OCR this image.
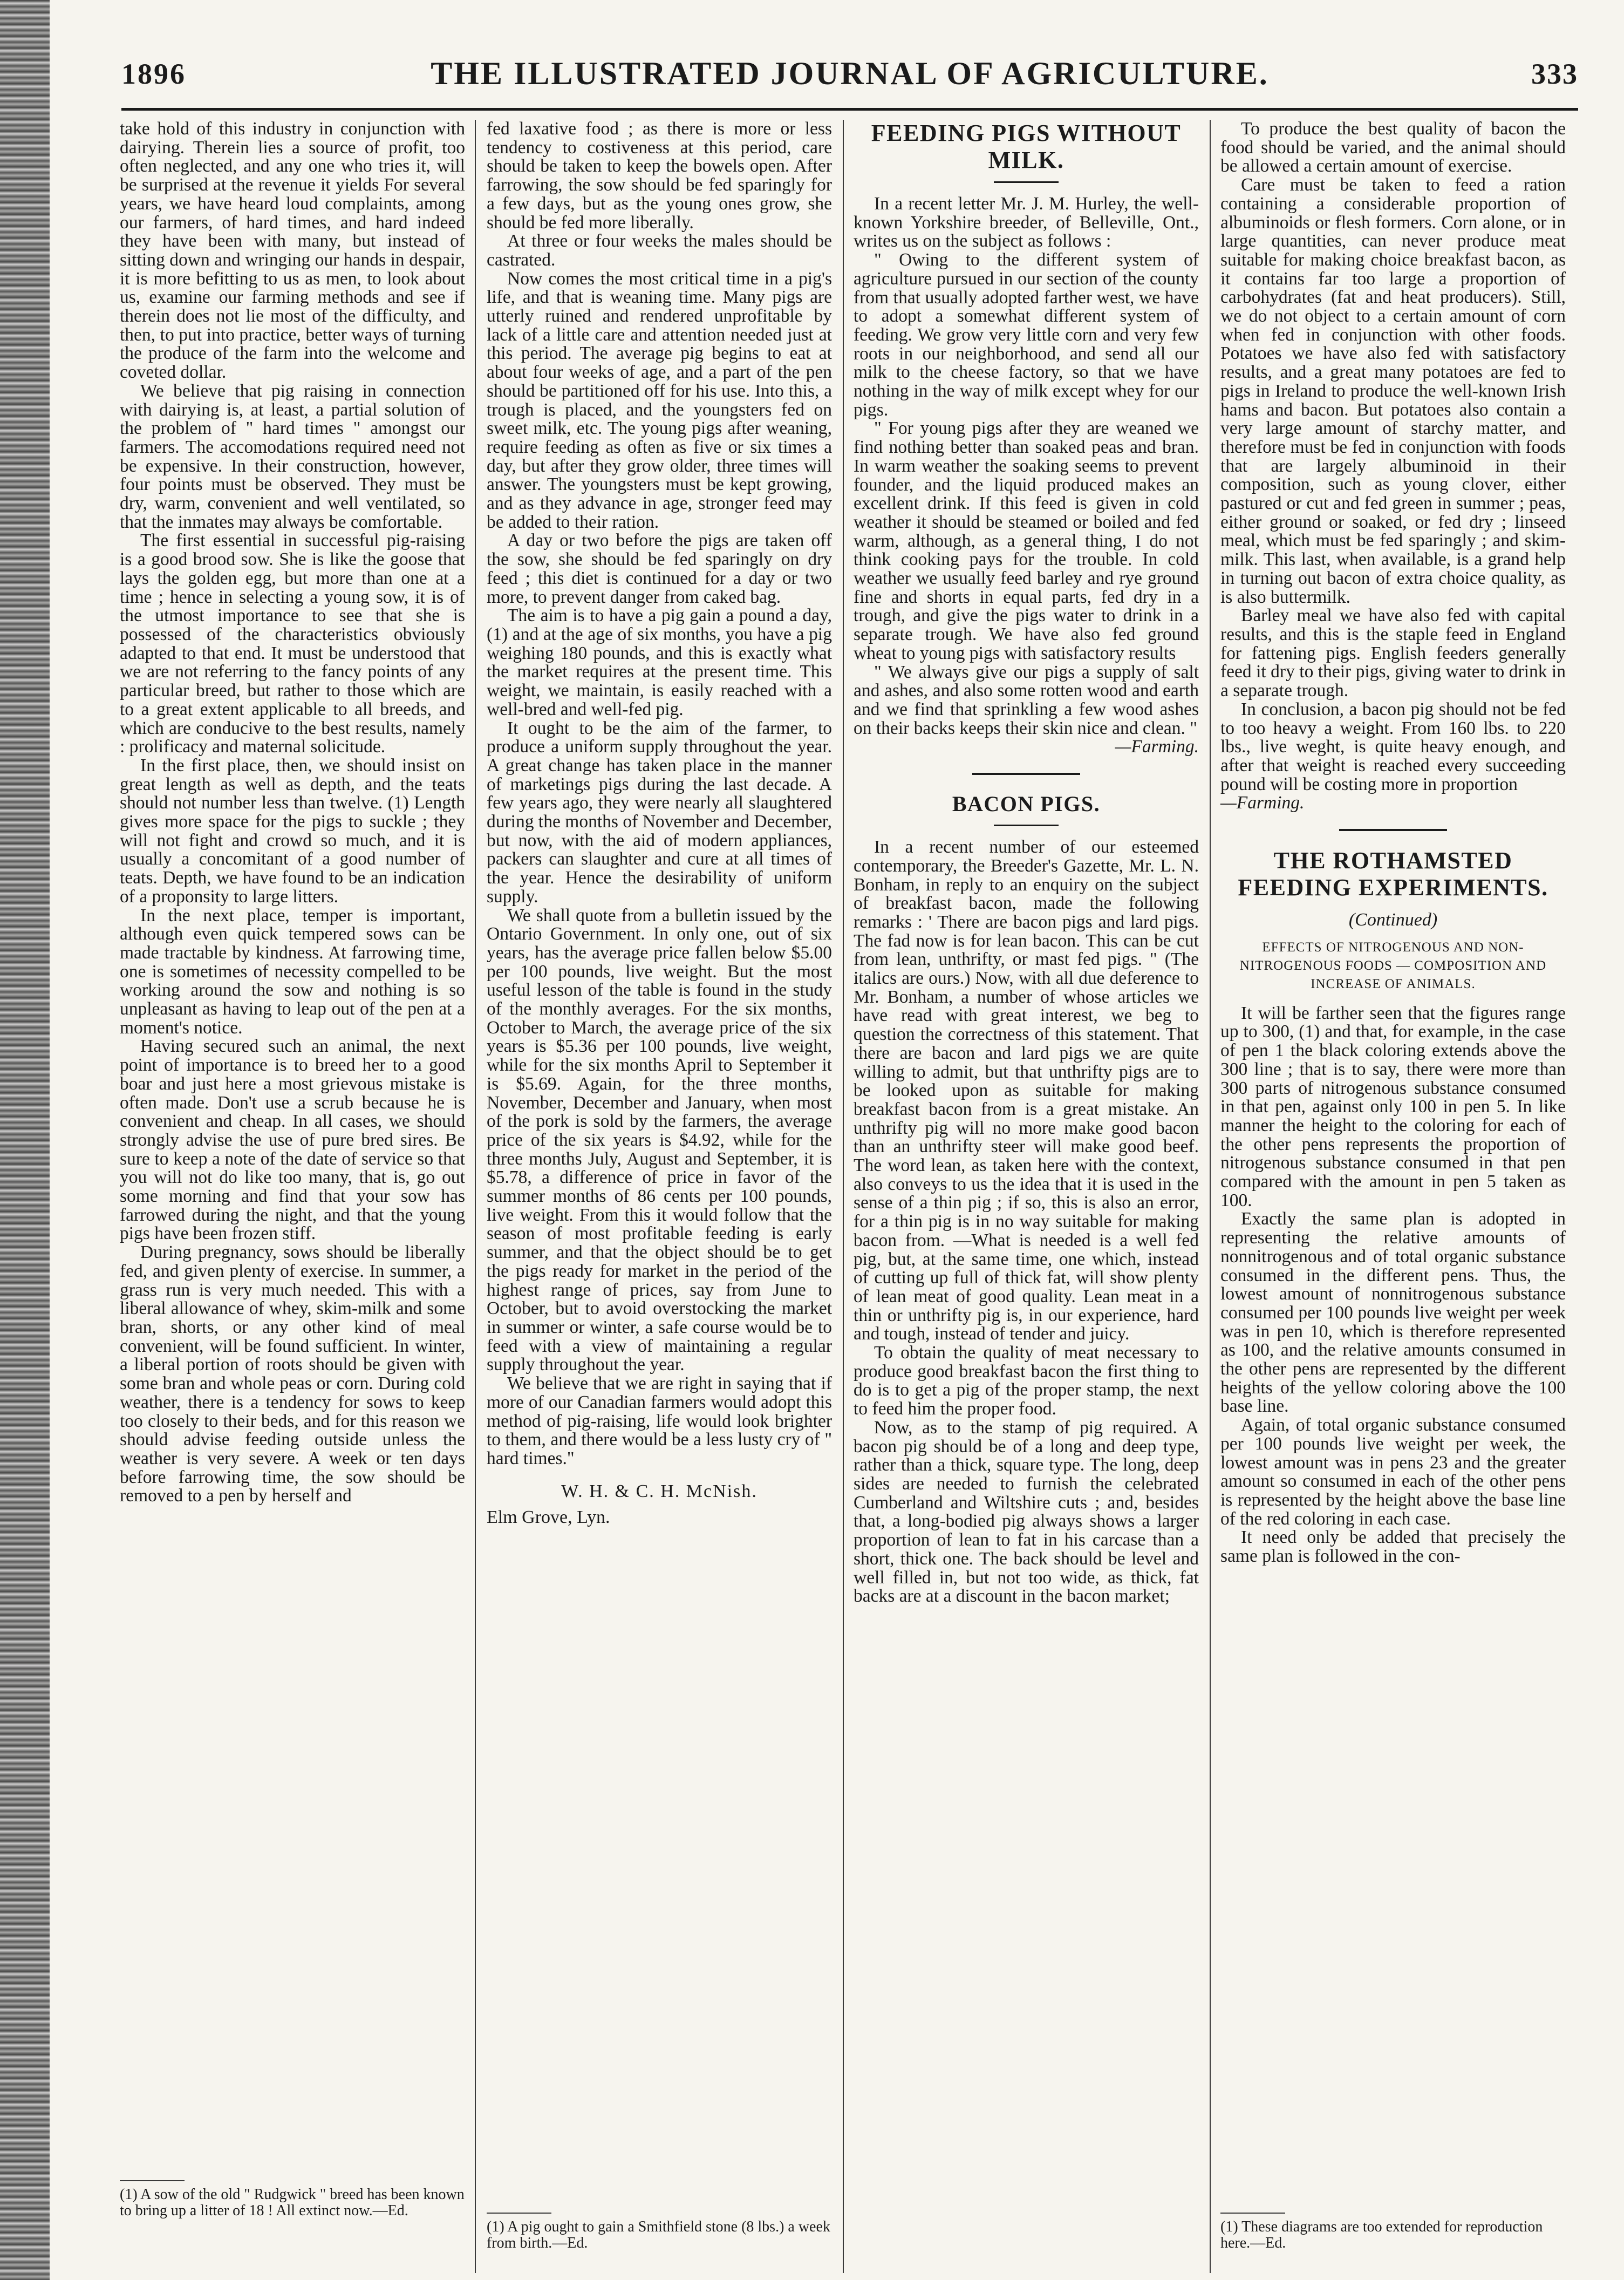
1896	THE ILLUSTRATED JOURNAL OF AGRICULTURE.	333

take hold of this industry in conjunction with dairying. Therein lies a source of profit, too often neglected, and any one who tries it, will be surprised at the revenue it yields For several years, we have heard loud complaints, among our farmers, of hard times, and hard indeed they have been with many, but instead of sitting down and wringing our hands in despair, it is more befitting to us as men, to look about us, examine our farming methods and see if therein does not lie most of the difficulty, and then, to put into practice, better ways of turning the produce of the farm into the welcome and coveted dollar.

We believe that pig raising in connection with dairying is, at least, a partial solution of the problem of " hard times " amongst our farmers. The accomodations required need not be expensive. In their construction, however, four points must be observed. They must be dry, warm, convenient and well ventilated, so that the inmates may always be comfortable.

The first essential in successful pig-raising is a good brood sow. She is like the goose that lays the golden egg, but more than one at a time ; hence in selecting a young sow, it is of the utmost importance to see that she is possessed of the characteristics obviously adapted to that end. It must be understood that we are not referring to the fancy points of any particular breed, but rather to those which are to a great extent applicable to all breeds, and which are conducive to the best results, namely : prolificacy and maternal solicitude.

In the first place, then, we should insist on great length as well as depth, and the teats should not number less than twelve. (1) Length gives more space for the pigs to suckle ; they will not fight and crowd so much, and it is usually a concomitant of a good number of teats. Depth, we have found to be an indication of a proponsity to large litters.

In the next place, temper is important, although even quick tempered sows can be made tractable by kindness. At farrowing time, one is sometimes of necessity compelled to be working around the sow and nothing is so unpleasant as having to leap out of the pen at a moment's notice.

Having secured such an animal, the next point of importance is to breed her to a good boar and just here a most grievous mistake is often made. Don't use a scrub because he is convenient and cheap. In all cases, we should strongly advise the use of pure bred sires. Be sure to keep a note of the date of service so that you will not do like too many, that is, go out some morning and find that your sow has farrowed during the night, and that the young pigs have been frozen stiff.

During pregnancy, sows should be liberally fed, and given plenty of exercise. In summer, a grass run is very much needed. This with a liberal allowance of whey, skim-milk and some bran, shorts, or any other kind of meal convenient, will be found sufficient. In winter, a liberal portion of roots should be given with some bran and whole peas or corn. During cold weather, there is a tendency for sows to keep too closely to their beds, and for this reason we should advise feeding outside unless the weather is very severe. A week or ten days before farrowing time, the sow should be removed to a pen by herself and

(1) A sow of the old " Rudgwick " breed has been known to bring up a litter of 18 ! All extinct now.—Ed.

fed laxative food ; as there is more or less tendency to costiveness at this period, care should be taken to keep the bowels open. After farrowing, the sow should be fed sparingly for a few days, but as the young ones grow, she should be fed more liberally.

At three or four weeks the males should be castrated.

Now comes the most critical time in a pig's life, and that is weaning time. Many pigs are utterly ruined and rendered unprofitable by lack of a little care and attention needed just at this period. The average pig begins to eat at about four weeks of age, and a part of the pen should be partitioned off for his use. Into this, a trough is placed, and the youngsters fed on sweet milk, etc. The young pigs after weaning, require feeding as often as five or six times a day, but after they grow older, three times will answer. The youngsters must be kept growing, and as they advance in age, stronger feed may be added to their ration.

A day or two before the pigs are taken off the sow, she should be fed sparingly on dry feed ; this diet is continued for a day or two more, to prevent danger from caked bag.

The aim is to have a pig gain a pound a day, (1) and at the age of six months, you have a pig weighing 180 pounds, and this is exactly what the market requires at the present time. This weight, we maintain, is easily reached with a well-bred and well-fed pig.

It ought to be the aim of the farmer, to produce a uniform supply throughout the year. A great change has taken place in the manner of marketings pigs during the last decade. A few years ago, they were nearly all slaughtered during the months of November and December, but now, with the aid of modern appliances, packers can slaughter and cure at all times of the year. Hence the desirability of uniform supply.

We shall quote from a bulletin issued by the Ontario Government. In only one, out of six years, has the average price fallen below $5.00 per 100 pounds, live weight. But the most useful lesson of the table is found in the study of the monthly averages. For the six months, October to March, the average price of the six years is $5.36 per 100 pounds, live weight, while for the six months April to September it is $5.69. Again, for the three months, November, December and January, when most of the pork is sold by the farmers, the average price of the six years is $4.92, while for the three months July, August and September, it is $5.78, a difference of price in favor of the summer months of 86 cents per 100 pounds, live weight. From this it would follow that the season of most profitable feeding is early summer, and that the object should be to get the pigs ready for market in the period of the highest range of prices, say from June to October, but to avoid overstocking the market in summer or winter, a safe course would be to feed with a view of maintaining a regular supply throughout the year.

We believe that we are right in saying that if more of our Canadian farmers would adopt this method of pig-raising, life would look brighter to them, and there would be a less lusty cry of " hard times."

W. H. & C. H. McNish.

Elm Grove, Lyn.

(1) A pig ought to gain a Smithfield stone (8 lbs.) a week from birth.—Ed.
FEEDING PIGS WITHOUT MILK.

In a recent letter Mr. J. M. Hurley, the well-known Yorkshire breeder, of Belleville, Ont., writes us on the subject as follows :

" Owing to the different system of agriculture pursued in our section of the county from that usually adopted farther west, we have to adopt a somewhat different system of feeding. We grow very little corn and very few roots in our neighborhood, and send all our milk to the cheese factory, so that we have nothing in the way of milk except whey for our pigs.

" For young pigs after they are weaned we find nothing better than soaked peas and bran. In warm weather the soaking seems to prevent founder, and the liquid produced makes an excellent drink. If this feed is given in cold weather it should be steamed or boiled and fed warm, although, as a general thing, I do not think cooking pays for the trouble. In cold weather we usually feed barley and rye ground fine and shorts in equal parts, fed dry in a trough, and give the pigs water to drink in a separate trough. We have also fed ground wheat to young pigs with satisfactory results

" We always give our pigs a supply of salt and ashes, and also some rotten wood and earth and we find that sprinkling a few wood ashes on their backs keeps their skin nice and clean. "

—Farming.

BACON PIGS.

In a recent number of our esteemed contemporary, the Breeder's Gazette, Mr. L. N. Bonham, in reply to an enquiry on the subject of breakfast bacon, made the following remarks : ' There are bacon pigs and lard pigs. The fad now is for lean bacon. This can be cut from lean, unthrifty, or mast fed pigs. " (The italics are ours.) Now, with all due deference to Mr. Bonham, a number of whose articles we have read with great interest, we beg to question the correctness of this statement. That there are bacon and lard pigs we are quite willing to admit, but that unthrifty pigs are to be looked upon as suitable for making breakfast bacon from is a great mistake. An unthrifty pig will no more make good bacon than an unthrifty steer will make good beef. The word lean, as taken here with the context, also conveys to us the idea that it is used in the sense of a thin pig ; if so, this is also an error, for a thin pig is in no way suitable for making bacon from. —What is needed is a well fed pig, but, at the same time, one which, instead of cutting up full of thick fat, will show plenty of lean meat of good quality. Lean meat in a thin or unthrifty pig is, in our experience, hard and tough, instead of tender and juicy.

To obtain the quality of meat necessary to produce good breakfast bacon the first thing to do is to get a pig of the proper stamp, the next to feed him the proper food.

Now, as to the stamp of pig required. A bacon pig should be of a long and deep type, rather than a thick, square type. The long, deep sides are needed to furnish the celebrated Cumberland and Wiltshire cuts ; and, besides that, a long-bodied pig always shows a larger proportion of lean to fat in his carcase than a short, thick one. The back should be level and well filled in, but not too wide, as thick, fat backs are at a discount in the bacon market;

To produce the best quality of bacon the food should be varied, and the animal should be allowed a certain amount of exercise.

Care must be taken to feed a ration containing a considerable proportion of albuminoids or flesh formers. Corn alone, or in large quantities, can never produce meat suitable for making choice breakfast bacon, as it contains far too large a proportion of carbohydrates (fat and heat producers). Still, we do not object to a certain amount of corn when fed in conjunction with other foods. Potatoes we have also fed with satisfactory results, and a great many potatoes are fed to pigs in Ireland to produce the well-known Irish hams and bacon. But potatoes also contain a very large amount of starchy matter, and therefore must be fed in conjunction with foods that are largely albuminoid in their composition, such as young clover, either pastured or cut and fed green in summer ; peas, either ground or soaked, or fed dry ; linseed meal, which must be fed sparingly ; and skim-milk. This last, when available, is a grand help in turning out bacon of extra choice quality, as is also buttermilk.

Barley meal we have also fed with capital results, and this is the staple feed in England for fattening pigs. English feeders generally feed it dry to their pigs, giving water to drink in a separate trough.

In conclusion, a bacon pig should not be fed to too heavy a weight. From 160 lbs. to 220 lbs., live weght, is quite heavy enough, and after that weight is reached every succeeding pound will be costing more in proportion

—Farming.

THE ROTHAMSTED FEEDING EXPERIMENTS.
(Continued)
EFFECTS OF NITROGENOUS AND NON-NITROGENOUS FOODS — COMPOSITION AND INCREASE OF ANIMALS.

It will be farther seen that the figures range up to 300, (1) and that, for example, in the case of pen 1 the black coloring extends above the 300 line ; that is to say, there were more than 300 parts of nitrogenous substance consumed in that pen, against only 100 in pen 5. In like manner the height to the coloring for each of the other pens represents the proportion of nitrogenous substance consumed in that pen compared with the amount in pen 5 taken as 100.

Exactly the same plan is adopted in representing the relative amounts of nonnitrogenous and of total organic substance consumed in the different pens. Thus, the lowest amount of nonnitrogenous substance consumed per 100 pounds live weight per week was in pen 10, which is therefore represented as 100, and the relative amounts consumed in the other pens are represented by the different heights of the yellow coloring above the 100 base line.

Again, of total organic substance consumed per 100 pounds live weight per week, the lowest amount was in pens 23 and the greater amount so consumed in each of the other pens is represented by the height above the base line of the red coloring in each case.

It need only be added that precisely the same plan is followed in the con-

(1) These diagrams are too extended for reproduction here.—Ed.
